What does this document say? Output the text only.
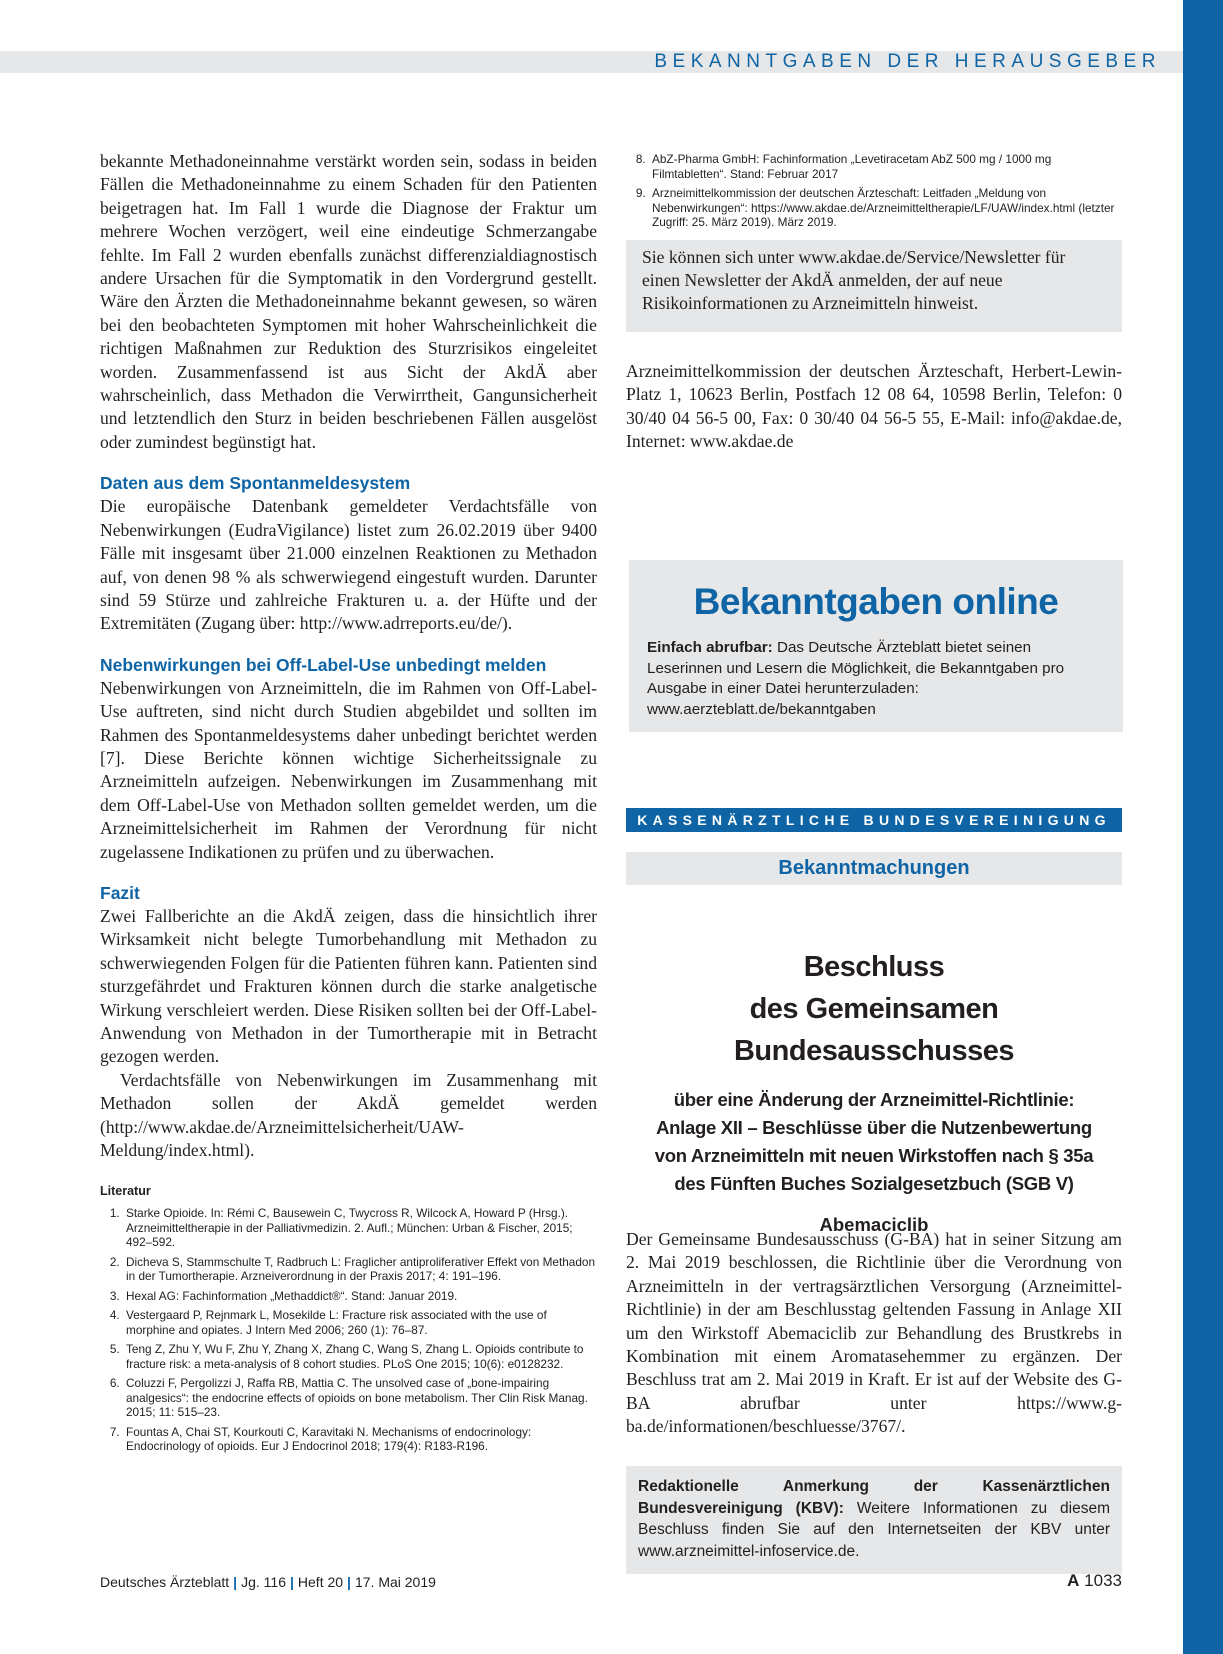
BEKANNTGABEN DER HERAUSGEBER

bekannte Methadoneinnahme verstärkt worden sein, sodass in beiden Fällen die Methadoneinnahme zu einem Schaden für den Patienten beigetragen hat. Im Fall 1 wurde die Diagnose der Fraktur um mehrere Wochen verzögert, weil eine eindeutige Schmerzangabe fehlte. Im Fall 2 wurden ebenfalls zunächst differenzialdiagnostisch andere Ursachen für die Symptomatik in den Vordergrund gestellt. Wäre den Ärzten die Methadoneinnahme bekannt gewesen, so wären bei den beobachteten Symptomen mit hoher Wahrscheinlichkeit die richtigen Maßnahmen zur Reduktion des Sturzrisikos eingeleitet worden. Zusammenfassend ist aus Sicht der AkdÄ aber wahrscheinlich, dass Methadon die Verwirrtheit, Gangunsicherheit und letztendlich den Sturz in beiden beschriebenen Fällen ausgelöst oder zumindest begünstigt hat.

Daten aus dem Spontanmeldesystem

Die europäische Datenbank gemeldeter Verdachtsfälle von Nebenwirkungen (EudraVigilance) listet zum 26.02.2019 über 9400 Fälle mit insgesamt über 21.000 einzelnen Reaktionen zu Methadon auf, von denen 98 % als schwerwiegend eingestuft wurden. Darunter sind 59 Stürze und zahlreiche Frakturen u. a. der Hüfte und der Extremitäten (Zugang über: http://www.adrreports.eu/de/).

Nebenwirkungen bei Off-Label-Use unbedingt melden

Nebenwirkungen von Arzneimitteln, die im Rahmen von Off-Label-Use auftreten, sind nicht durch Studien abgebildet und sollten im Rahmen des Spontanmeldesystems daher unbedingt berichtet werden [7]. Diese Berichte können wichtige Sicherheitssignale zu Arzneimitteln aufzeigen. Nebenwirkungen im Zusammenhang mit dem Off-Label-Use von Methadon sollten gemeldet werden, um die Arzneimittelsicherheit im Rahmen der Verordnung für nicht zugelassene Indikationen zu prüfen und zu überwachen.

Fazit

Zwei Fallberichte an die AkdÄ zeigen, dass die hinsichtlich ihrer Wirksamkeit nicht belegte Tumorbehandlung mit Methadon zu schwerwiegenden Folgen für die Patienten führen kann. Patienten sind sturzgefährdet und Frakturen können durch die starke analgetische Wirkung verschleiert werden. Diese Risiken sollten bei der Off-Label-Anwendung von Methadon in der Tumortherapie mit in Betracht gezogen werden.

Verdachtsfälle von Nebenwirkungen im Zusammenhang mit Methadon sollen der AkdÄ gemeldet werden (http://www.akdae.de/Arzneimittelsicherheit/UAW-Meldung/index.html).

Literatur
1. Starke Opioide. In: Rémi C, Bausewein C, Twycross R, Wilcock A, Howard P (Hrsg.). Arzneimitteltherapie in der Palliativmedizin. 2. Aufl.; München: Urban & Fischer, 2015; 492–592.
2. Dicheva S, Stammschulte T, Radbruch L: Fraglicher antiproliferativer Effekt von Methadon in der Tumortherapie. Arzneiverordnung in der Praxis 2017; 4: 191–196.
3. Hexal AG: Fachinformation „Methaddict®“. Stand: Januar 2019.
4. Vestergaard P, Rejnmark L, Mosekilde L: Fracture risk associated with the use of morphine and opiates. J Intern Med 2006; 260 (1): 76–87.
5. Teng Z, Zhu Y, Wu F, Zhu Y, Zhang X, Zhang C, Wang S, Zhang L. Opioids contribute to fracture risk: a meta-analysis of 8 cohort studies. PLoS One 2015; 10(6): e0128232.
6. Coluzzi F, Pergolizzi J, Raffa RB, Mattia C. The unsolved case of „bone-impairing analgesics“: the endocrine effects of opioids on bone metabolism. Ther Clin Risk Manag. 2015; 11: 515–23.
7. Fountas A, Chai ST, Kourkouti C, Karavitaki N. Mechanisms of endocrinology: Endocrinology of opioids. Eur J Endocrinol 2018; 179(4): R183-R196.
8. AbZ-Pharma GmbH: Fachinformation „Levetiracetam AbZ 500 mg / 1000 mg Filmtabletten“. Stand: Februar 2017
9. Arzneimittelkommission der deutschen Ärzteschaft: Leitfaden „Meldung von Nebenwirkungen“: https://www.akdae.de/Arzneimitteltherapie/LF/UAW/index.html (letzter Zugriff: 25. März 2019). März 2019.
Sie können sich unter www.akdae.de/Service/Newsletter für einen Newsletter der AkdÄ anmelden, der auf neue Risikoinformationen zu Arzneimitteln hinweist.

Arzneimittelkommission der deutschen Ärzteschaft, Herbert-Lewin-Platz 1, 10623 Berlin, Postfach 12 08 64, 10598 Berlin, Telefon: 0 30/40 04 56-5 00, Fax: 0 30/40 04 56-5 55, E-Mail: info@akdae.de, Internet: www.akdae.de

Bekanntgaben online
Einfach abrufbar: Das Deutsche Ärzteblatt bietet seinen Leserinnen und Lesern die Möglichkeit, die Bekanntgaben pro Ausgabe in einer Datei herunterzuladen: www.aerzteblatt.de/bekanntgaben
KASSENÄRZTLICHE BUNDESVEREINIGUNG
Bekanntmachungen
Beschluss
des Gemeinsamen Bundesausschusses
über eine Änderung der Arzneimittel-Richtlinie:
Anlage XII – Beschlüsse über die Nutzenbewertung
von Arzneimitteln mit neuen Wirkstoffen nach § 35a
des Fünften Buches Sozialgesetzbuch (SGB V)
Abemaciclib

Der Gemeinsame Bundesausschuss (G-BA) hat in seiner Sitzung am 2. Mai 2019 beschlossen, die Richtlinie über die Verordnung von Arzneimitteln in der vertragsärztlichen Versorgung (Arzneimittel-Richtlinie) in der am Beschlusstag geltenden Fassung in Anlage XII um den Wirkstoff Abemaciclib zur Behandlung des Brustkrebs in Kombination mit einem Aromatasehemmer zu ergänzen. Der Beschluss trat am 2. Mai 2019 in Kraft. Er ist auf der Website des G-BA abrufbar unter https://www.g-ba.de/informationen/beschluesse/3767/.

Redaktionelle Anmerkung der Kassenärztlichen Bundesvereinigung (KBV): Weitere Informationen zu diesem Beschluss finden Sie auf den Internetseiten der KBV unter www.arzneimittel-infoservice.de.
Deutsches Ärzteblatt | Jg. 116 | Heft 20 | 17. Mai 2019	A 1033
